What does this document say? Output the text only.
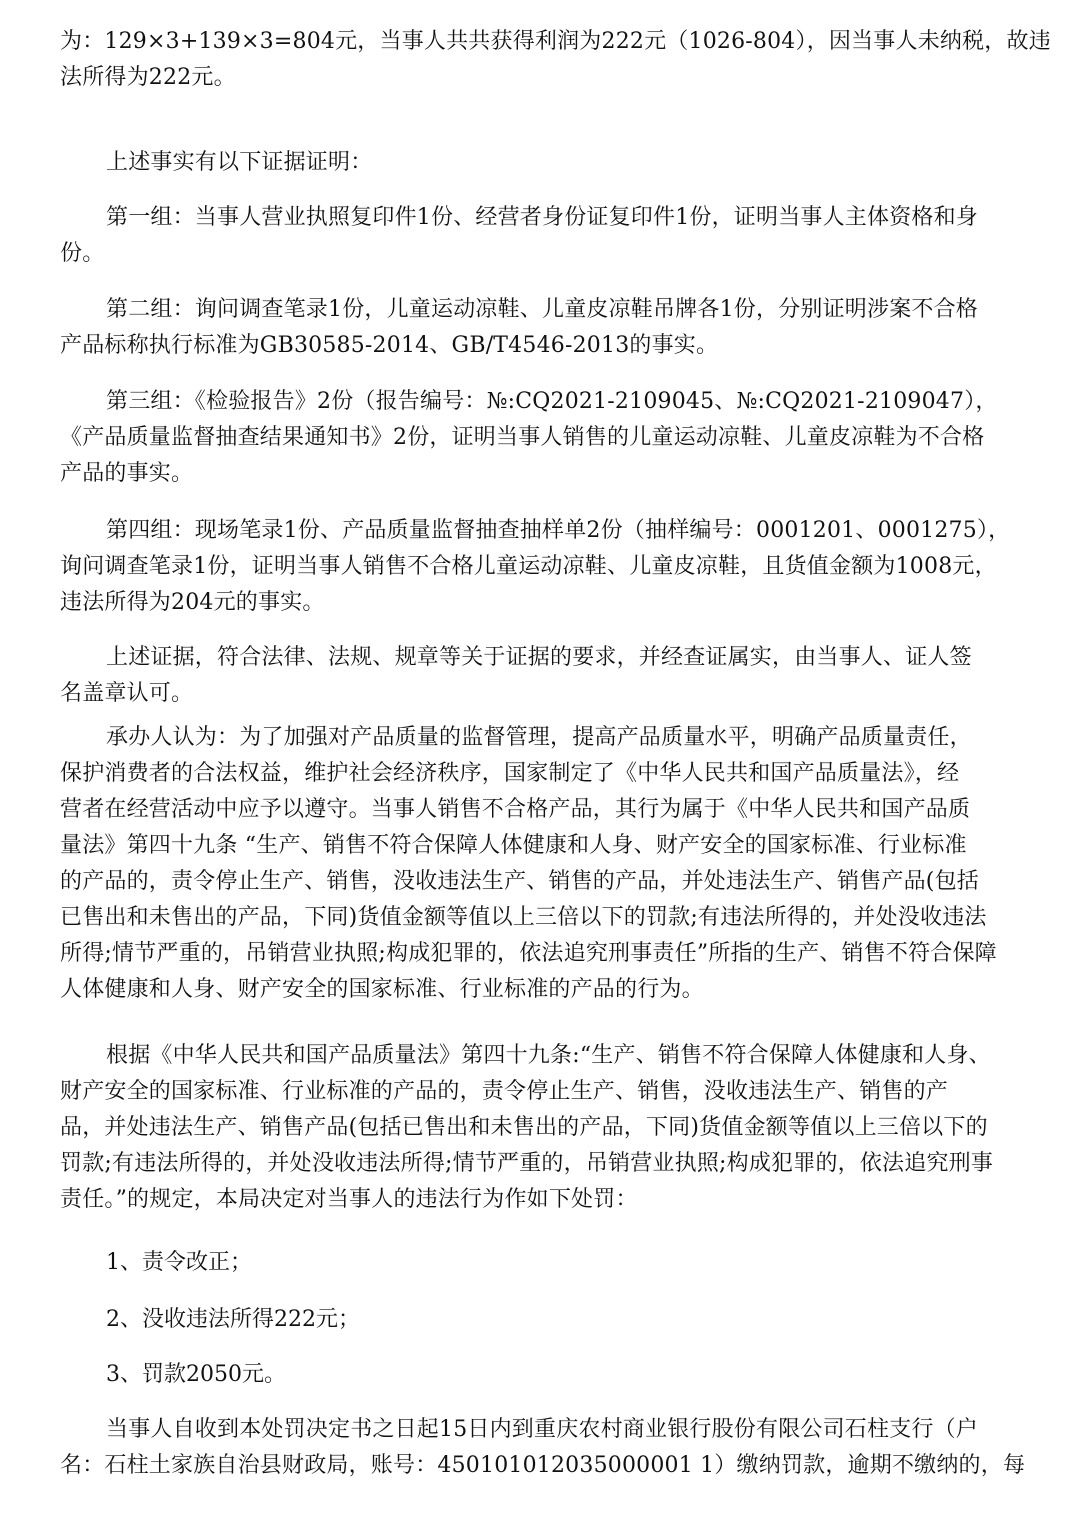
为：129×3+139×3=804元，当事人共共获得利润为222元（1026-804），因当事人未纳税，故违
法所得为222元。

上述事实有以下证据证明：

第一组：当事人营业执照复印件1份、经营者身份证复印件1份，证明当事人主体资格和身
份。

第二组：询问调查笔录1份，儿童运动凉鞋、儿童皮凉鞋吊牌各1份，分别证明涉案不合格
产品标称执行标准为GB30585-2014、GB/T4546-2013的事实。

第三组：《检验报告》2份（报告编号：№:CQ2021-2109045、№:CQ2021-2109047），
《产品质量监督抽查结果通知书》2份，证明当事人销售的儿童运动凉鞋、儿童皮凉鞋为不合格
产品的事实。

第四组：现场笔录1份、产品质量监督抽查抽样单2份（抽样编号：0001201、0001275），
询问调查笔录1份，证明当事人销售不合格儿童运动凉鞋、儿童皮凉鞋，且货值金额为1008元，
违法所得为204元的事实。

上述证据，符合法律、法规、规章等关于证据的要求，并经查证属实，由当事人、证人签
名盖章认可。

承办人认为：为了加强对产品质量的监督管理，提高产品质量水平，明确产品质量责任，
保护消费者的合法权益，维护社会经济秩序，国家制定了《中华人民共和国产品质量法》，经
营者在经营活动中应予以遵守。当事人销售不合格产品，其行为属于《中华人民共和国产品质
量法》第四十九条 “生产、销售不符合保障人体健康和人身、财产安全的国家标准、行业标准
的产品的，责令停止生产、销售，没收违法生产、销售的产品，并处违法生产、销售产品(包括
已售出和未售出的产品，下同)货值金额等值以上三倍以下的罚款;有违法所得的，并处没收违法
所得;情节严重的，吊销营业执照;构成犯罪的，依法追究刑事责任”所指的生产、销售不符合保障
人体健康和人身、财产安全的国家标准、行业标准的产品的行为。

根据《中华人民共和国产品质量法》第四十九条:“生产、销售不符合保障人体健康和人身、
财产安全的国家标准、行业标准的产品的，责令停止生产、销售，没收违法生产、销售的产
品，并处违法生产、销售产品(包括已售出和未售出的产品，下同)货值金额等值以上三倍以下的
罚款;有违法所得的，并处没收违法所得;情节严重的，吊销营业执照;构成犯罪的，依法追究刑事
责任。”的规定，本局决定对当事人的违法行为作如下处罚：

1、责令改正；

2、没收违法所得222元；

3、罚款2050元。

当事人自收到本处罚决定书之日起15日内到重庆农村商业银行股份有限公司石柱支行（户
名：石柱土家族自治县财政局，账号：450101012035000001 1）缴纳罚款，逾期不缴纳的，每
